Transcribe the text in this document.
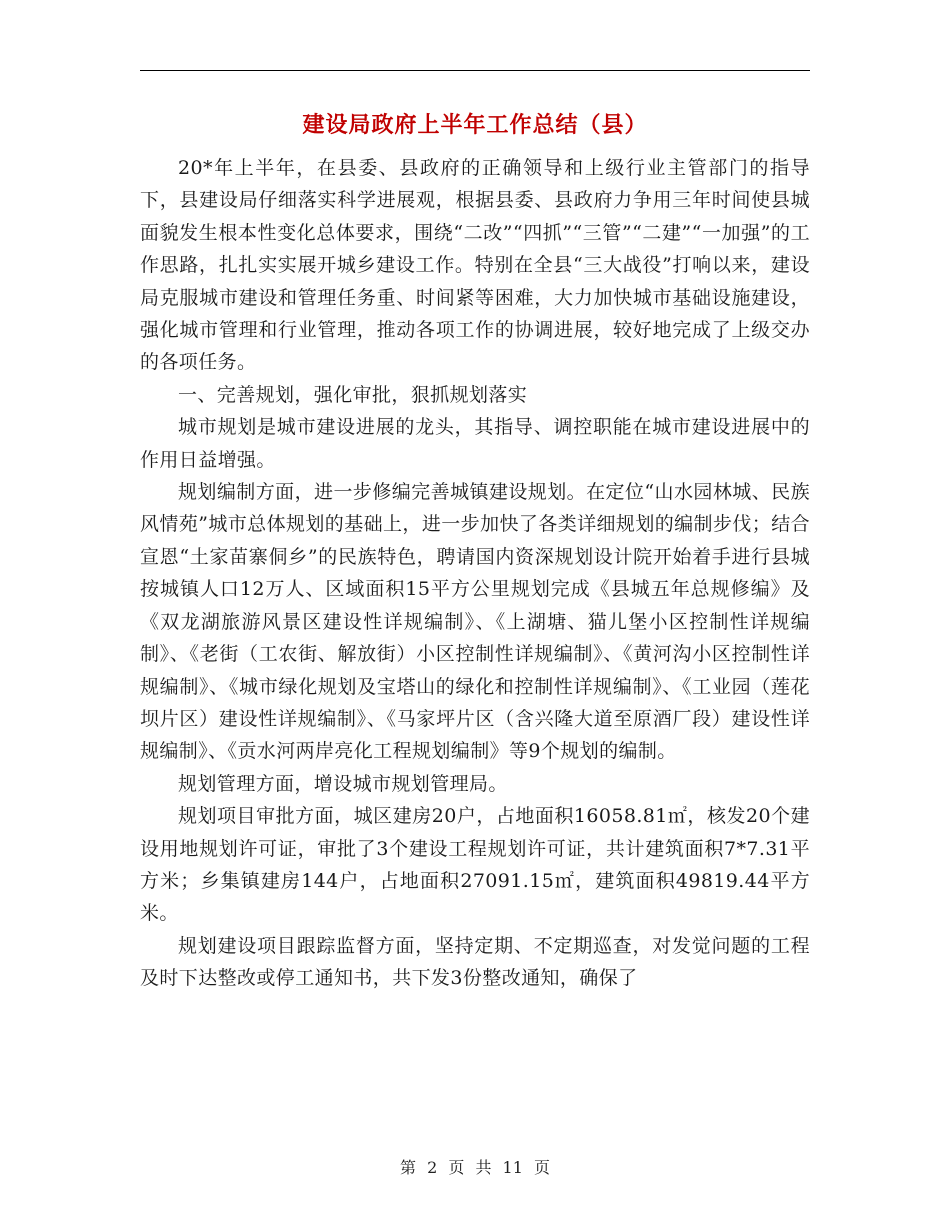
建设局政府上半年工作总结（县）

20*年上半年，在县委、县政府的正确领导和上级行业主管部门的指导下，县建设局仔细落实科学进展观，根据县委、县政府力争用三年时间使县城面貌发生根本性变化总体要求，围绕“二改”“四抓”“三管”“二建”“一加强”的工作思路，扎扎实实展开城乡建设工作。特别在全县“三大战役”打响以来，建设局克服城市建设和管理任务重、时间紧等困难，大力加快城市基础设施建设，强化城市管理和行业管理，推动各项工作的协调进展，较好地完成了上级交办的各项任务。

一、完善规划，强化审批，狠抓规划落实

城市规划是城市建设进展的龙头，其指导、调控职能在城市建设进展中的作用日益增强。

规划编制方面，进一步修编完善城镇建设规划。在定位“山水园林城、民族风情苑”城市总体规划的基础上，进一步加快了各类详细规划的编制步伐；结合宣恩“土家苗寨侗乡”的民族特色，聘请国内资深规划设计院开始着手进行县城按城镇人口12万人、区域面积15平方公里规划完成《县城五年总规修编》及《双龙湖旅游风景区建设性详规编制》、《上湖塘、猫儿堡小区控制性详规编制》、《老街（工农街、解放街）小区控制性详规编制》、《黄河沟小区控制性详规编制》、《城市绿化规划及宝塔山的绿化和控制性详规编制》、《工业园（莲花坝片区）建设性详规编制》、《马家坪片区（含兴隆大道至原酒厂段）建设性详规编制》、《贡水河两岸亮化工程规划编制》等9个规划的编制。

规划管理方面，增设城市规划管理局。

规划项目审批方面，城区建房20户，占地面积16058.81㎡，核发20个建设用地规划许可证，审批了3个建设工程规划许可证，共计建筑面积7*7.31平方米；乡集镇建房144户，占地面积27091.15㎡，建筑面积49819.44平方米。

规划建设项目跟踪监督方面，坚持定期、不定期巡查，对发觉问题的工程及时下达整改或停工通知书，共下发3份整改通知，确保了

第 2 页 共 11 页
